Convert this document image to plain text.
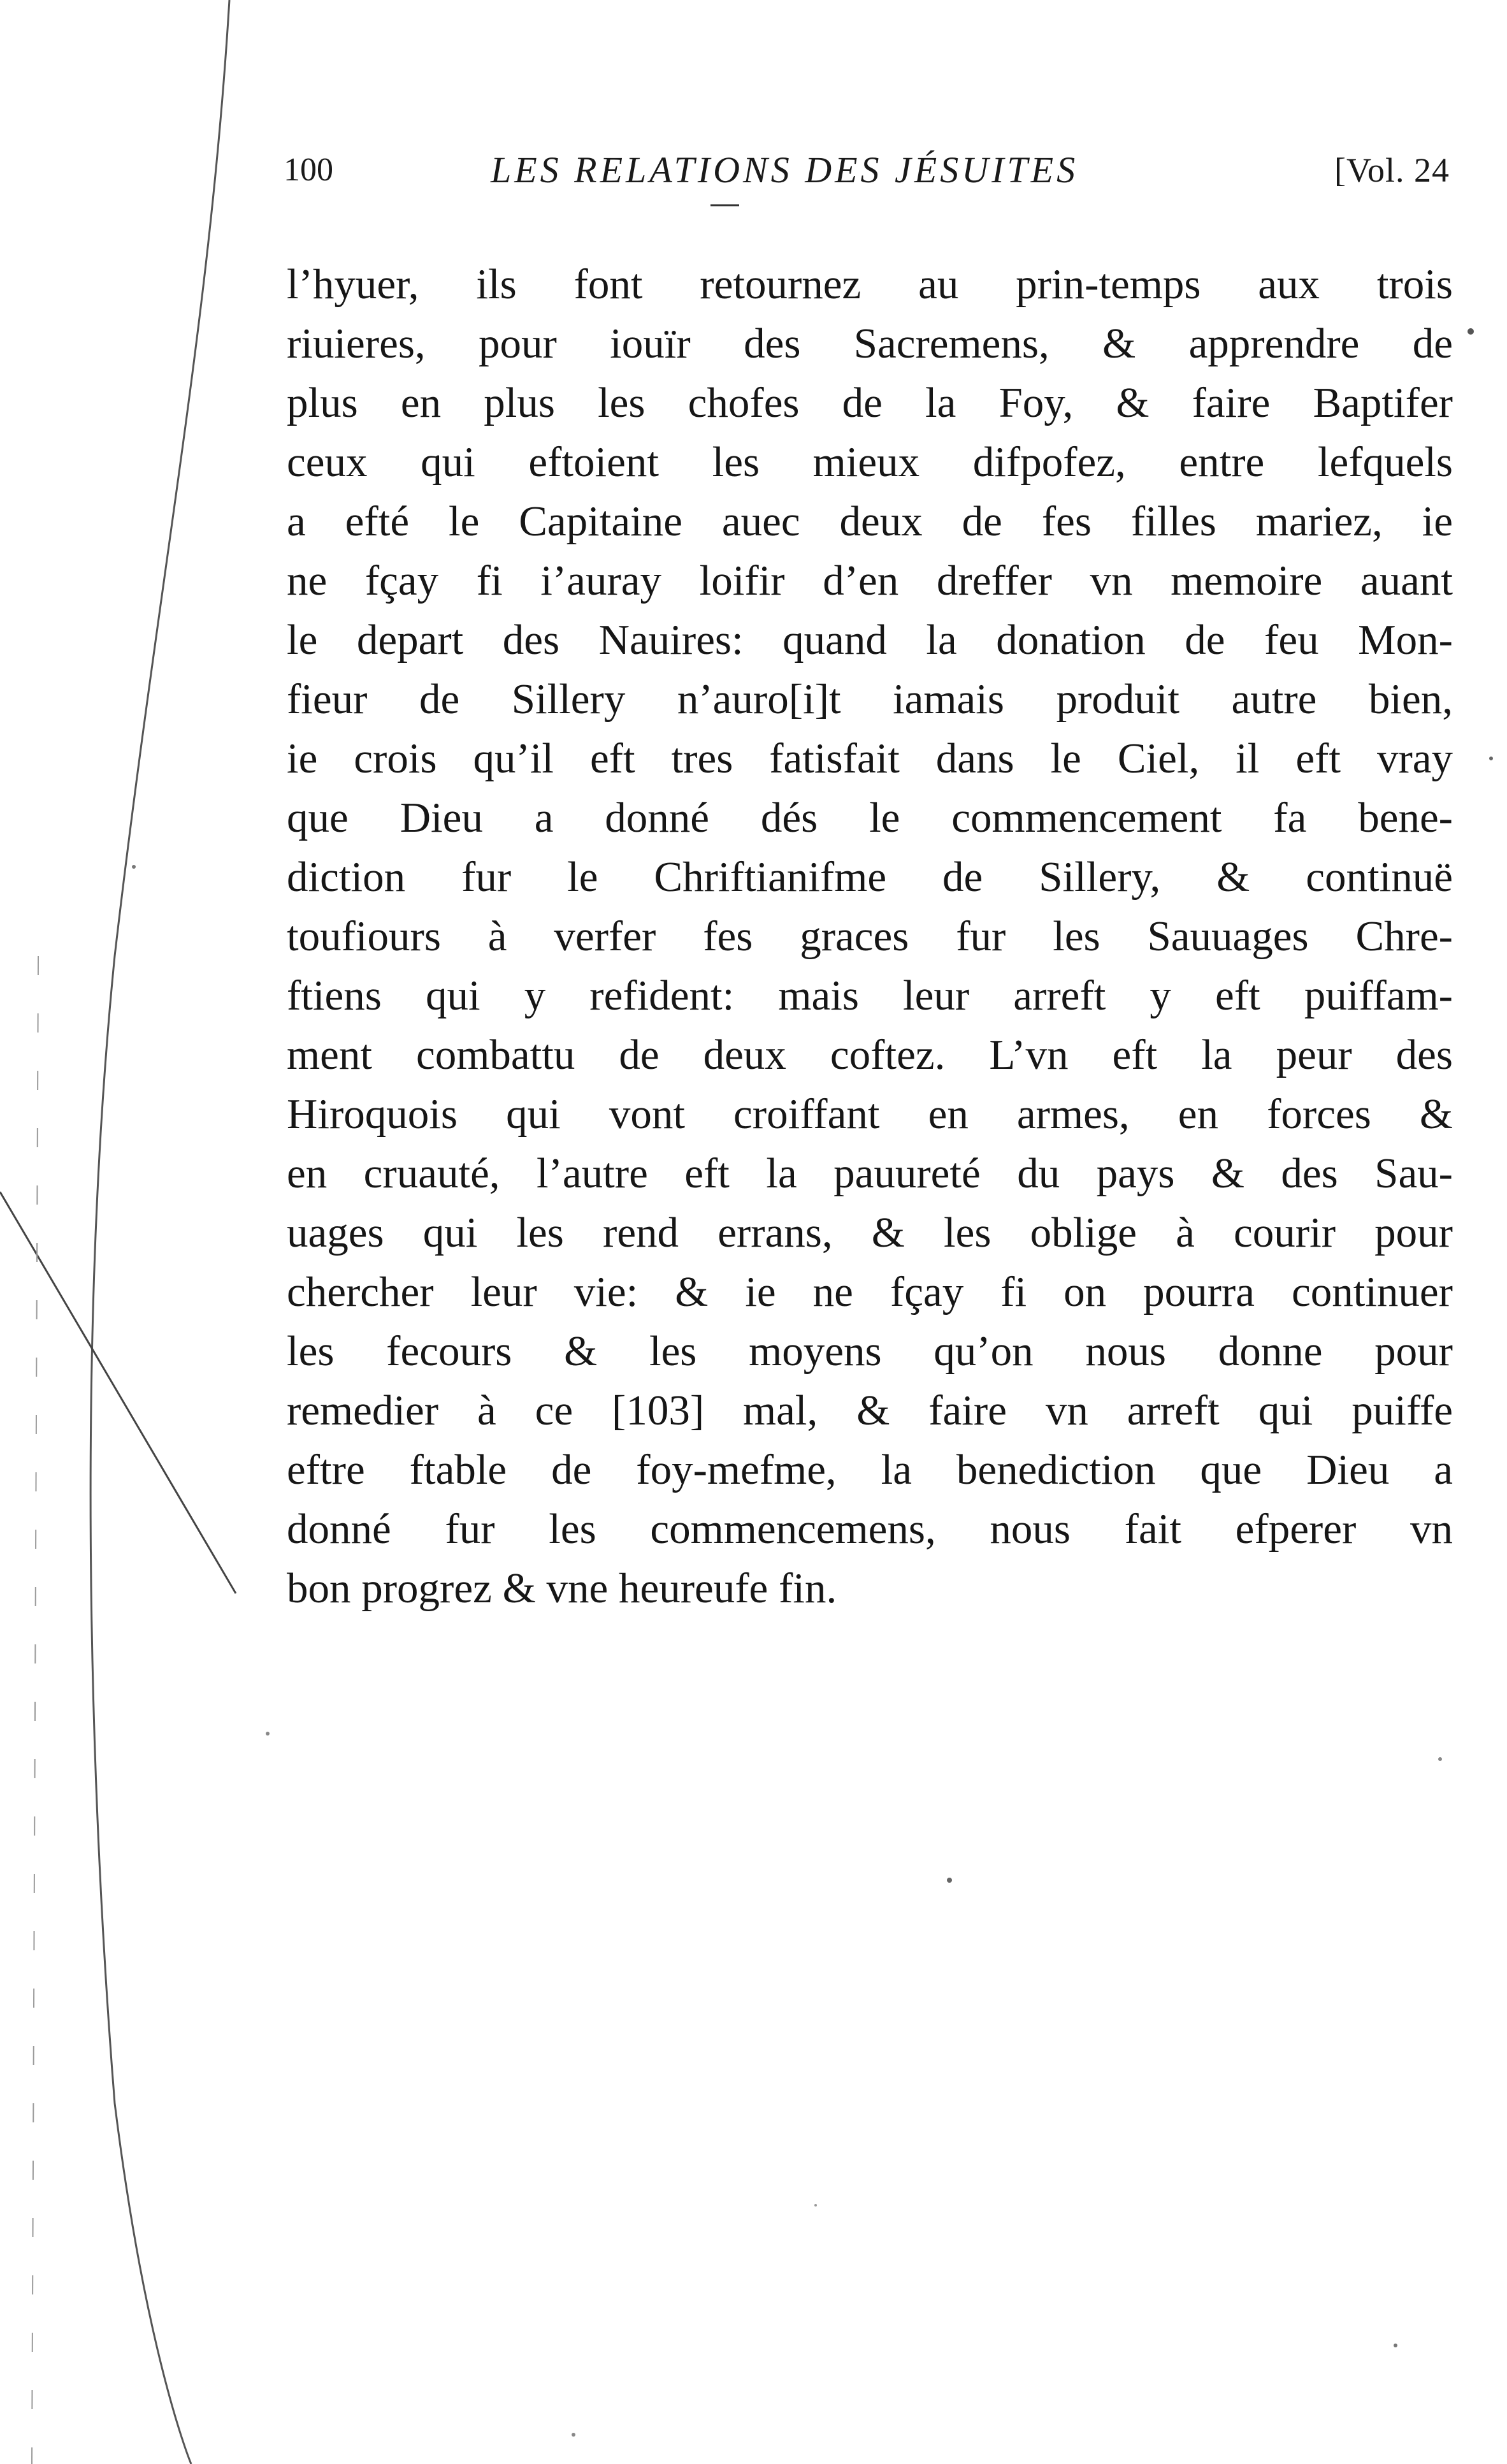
100	LES RELATIONS DES JÉSUITES	[Vol. 24
l’hyuer, ils font retournez au prin-temps aux trois
riuieres, pour iouïr des Sacremens, & apprendre de
plus en plus les chofes de la Foy, & faire Baptifer
ceux qui eftoient les mieux difpofez, entre lefquels
a efté le Capitaine auec deux de fes filles mariez, ie
ne fçay fi i’auray loifir d’en dreffer vn memoire auant
le depart des Nauires: quand la donation de feu Mon-
fieur de Sillery n’auro[i]t iamais produit autre bien,
ie crois qu’il eft tres fatisfait dans le Ciel, il eft vray
que Dieu a donné dés le commencement fa bene-
diction fur le Chriftianifme de Sillery, & continuë
toufiours à verfer fes graces fur les Sauuages Chre-
ftiens qui y refident: mais leur arreft y eft puiffam-
ment combattu de deux coftez. L’vn eft la peur des
Hiroquois qui vont croiffant en armes, en forces &
en cruauté, l’autre eft la pauureté du pays & des Sau-
uages qui les rend errans, & les oblige à courir pour
chercher leur vie: & ie ne fçay fi on pourra continuer
les fecours & les moyens qu’on nous donne pour
remedier à ce [103] mal, & faire vn arreft qui puiffe
eftre ftable de foy-mefme, la benediction que Dieu a
donné fur les commencemens, nous fait efperer vn
bon progrez & vne heureufe fin.
